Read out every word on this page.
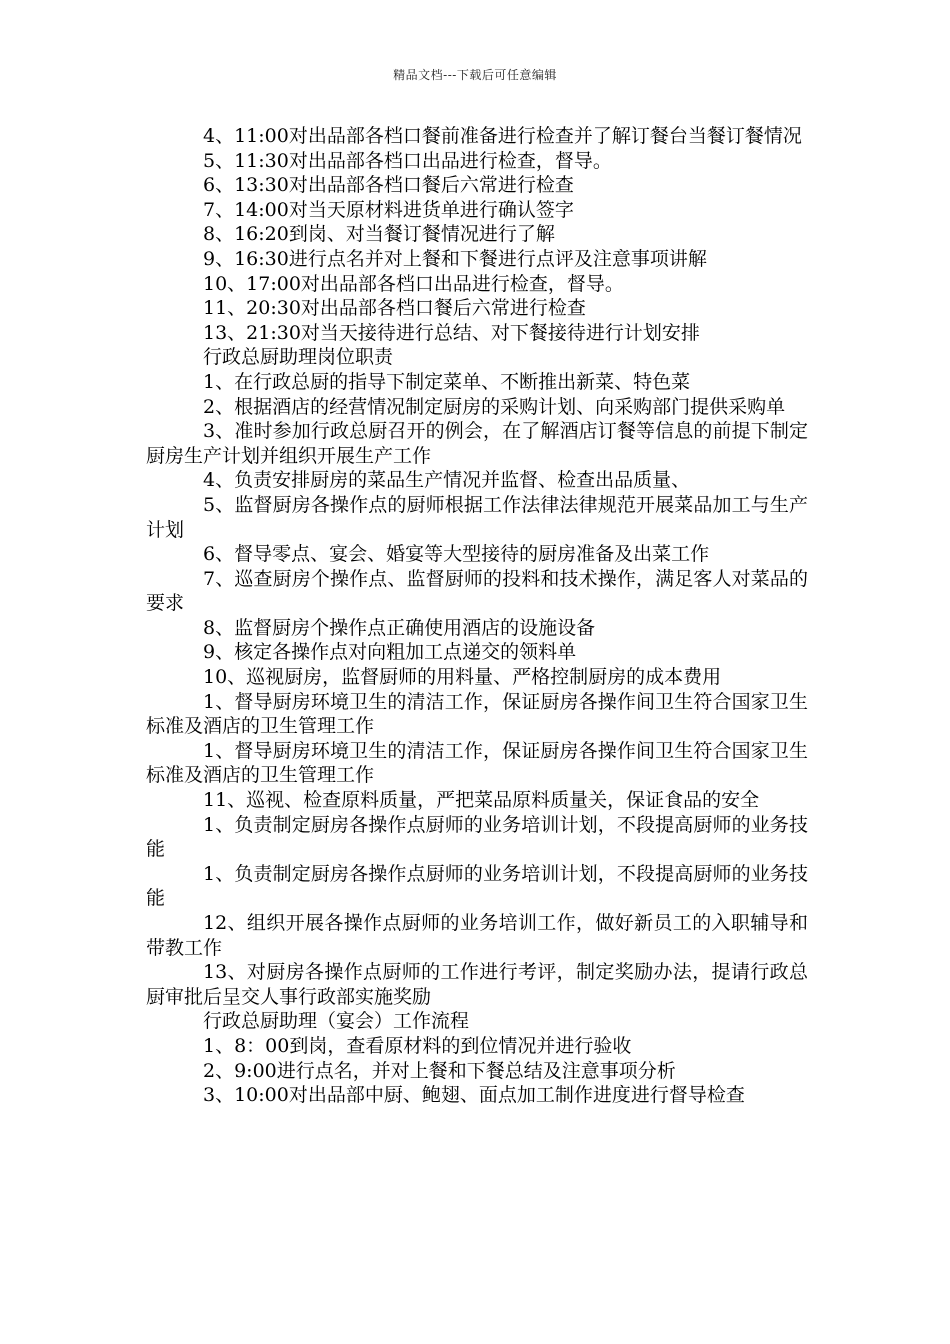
精品文档---下载后可任意编辑

4、11:00对出品部各档口餐前准备进行检查并了解订餐台当餐订餐情况

5、11:30对出品部各档口出品进行检查，督导。

6、13:30对出品部各档口餐后六常进行检查

7、14:00对当天原材料进货单进行确认签字

8、16:20到岗、对当餐订餐情况进行了解

9、16:30进行点名并对上餐和下餐进行点评及注意事项讲解

10、17:00对出品部各档口出品进行检查，督导。

11、20:30对出品部各档口餐后六常进行检查

13、21:30对当天接待进行总结、对下餐接待进行计划安排

行政总厨助理岗位职责

1、在行政总厨的指导下制定菜单、不断推出新菜、特色菜

2、根据酒店的经营情况制定厨房的采购计划、向采购部门提供采购单

3、准时参加行政总厨召开的例会，在了解酒店订餐等信息的前提下制定厨房生产计划并组织开展生产工作

4、负责安排厨房的菜品生产情况并监督、检查出品质量、

5、监督厨房各操作点的厨师根据工作法律法律规范开展菜品加工与生产计划

6、督导零点、宴会、婚宴等大型接待的厨房准备及出菜工作

7、巡查厨房个操作点、监督厨师的投料和技术操作，满足客人对菜品的要求

8、监督厨房个操作点正确使用酒店的设施设备

9、核定各操作点对向粗加工点递交的领料单

10、巡视厨房，监督厨师的用料量、严格控制厨房的成本费用

1、督导厨房环境卫生的清洁工作，保证厨房各操作间卫生符合国家卫生标准及酒店的卫生管理工作

1、督导厨房环境卫生的清洁工作，保证厨房各操作间卫生符合国家卫生标准及酒店的卫生管理工作

11、巡视、检查原料质量，严把菜品原料质量关，保证食品的安全

1、负责制定厨房各操作点厨师的业务培训计划，不段提高厨师的业务技能

1、负责制定厨房各操作点厨师的业务培训计划，不段提高厨师的业务技能

12、组织开展各操作点厨师的业务培训工作，做好新员工的入职辅导和带教工作

13、对厨房各操作点厨师的工作进行考评，制定奖励办法，提请行政总厨审批后呈交人事行政部实施奖励

行政总厨助理（宴会）工作流程

1、8：00到岗，查看原材料的到位情况并进行验收

2、9:00进行点名，并对上餐和下餐总结及注意事项分析

3、10:00对出品部中厨、鲍翅、面点加工制作进度进行督导检查
